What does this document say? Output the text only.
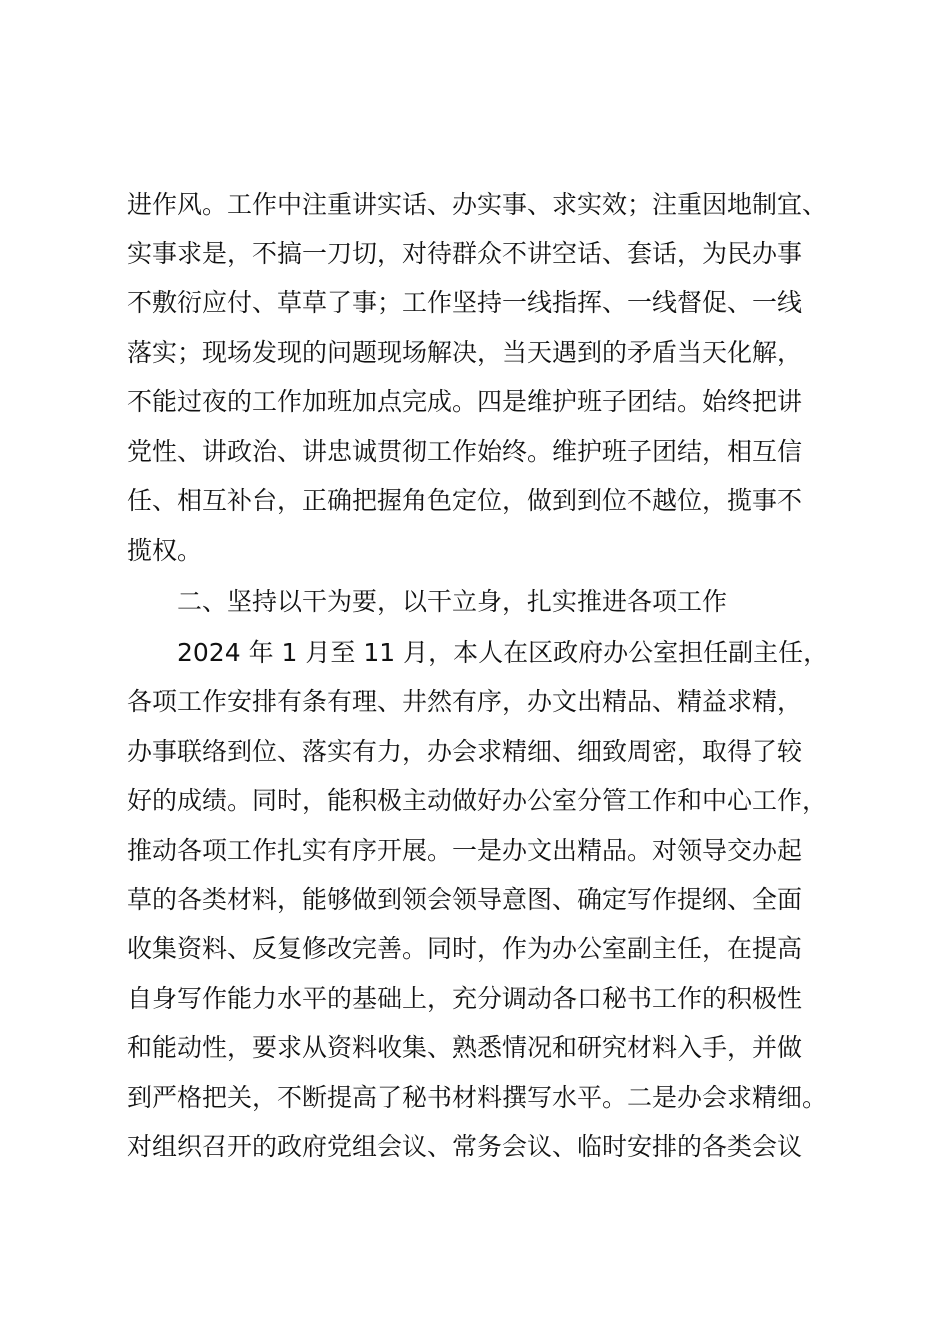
进作风。工作中注重讲实话、办实事、求实效；注重因地制宜、
实事求是，不搞一刀切，对待群众不讲空话、套话，为民办事
不敷衍应付、草草了事；工作坚持一线指挥、一线督促、一线
落实；现场发现的问题现场解决，当天遇到的矛盾当天化解，
不能过夜的工作加班加点完成。四是维护班子团结。始终把讲
党性、讲政治、讲忠诚贯彻工作始终。维护班子团结，相互信
任、相互补台，正确把握角色定位，做到到位不越位，揽事不
揽权。
二、坚持以干为要，以干立身，扎实推进各项工作
2024 年 1 月至 11 月，本人在区政府办公室担任副主任，
各项工作安排有条有理、井然有序，办文出精品、精益求精，
办事联络到位、落实有力，办会求精细、细致周密，取得了较
好的成绩。同时，能积极主动做好办公室分管工作和中心工作，
推动各项工作扎实有序开展。一是办文出精品。对领导交办起
草的各类材料，能够做到领会领导意图、确定写作提纲、全面
收集资料、反复修改完善。同时，作为办公室副主任，在提高
自身写作能力水平的基础上，充分调动各口秘书工作的积极性
和能动性，要求从资料收集、熟悉情况和研究材料入手，并做
到严格把关，不断提高了秘书材料撰写水平。二是办会求精细。
对组织召开的政府党组会议、常务会议、临时安排的各类会议
